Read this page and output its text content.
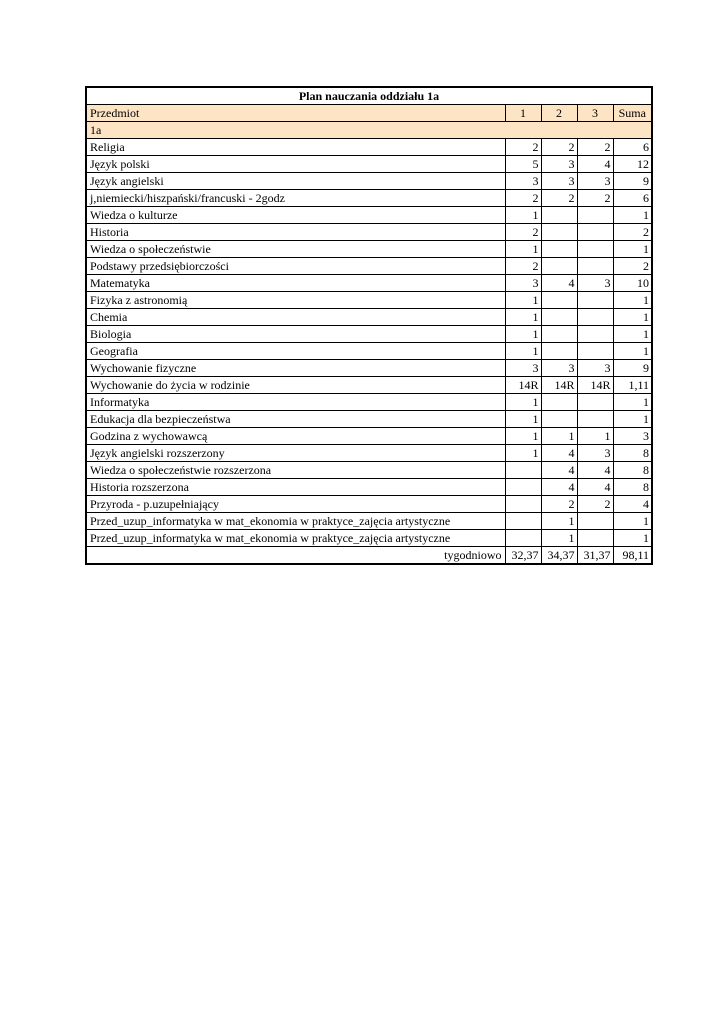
Plan nauczania oddziału 1a				
Przedmiot	1	2	3	Suma
1a				
Religia	2	2	2	6
Język polski	5	3	4	12
Język angielski	3	3	3	9
j,niemiecki/hiszpański/francuski - 2godz	2	2	2	6
Wiedza o kulturze	1			1
Historia	2			2
Wiedza o społeczeństwie	1			1
Podstawy przedsiębiorczości	2			2
Matematyka	3	4	3	10
Fizyka z astronomią	1			1
Chemia	1			1
Biologia	1			1
Geografia	1			1
Wychowanie fizyczne	3	3	3	9
Wychowanie do życia w rodzinie	14R	14R	14R	1,11
Informatyka	1			1
Edukacja dla bezpieczeństwa	1			1
Godzina z wychowawcą	1	1	1	3
Język angielski rozszerzony	1	4	3	8
Wiedza o społeczeństwie rozszerzona		4	4	8
Historia rozszerzona		4	4	8
Przyroda - p.uzupełniający		2	2	4
Przed_uzup_informatyka w mat_ekonomia w praktyce_zajęcia artystyczne		1		1
Przed_uzup_informatyka w mat_ekonomia w praktyce_zajęcia artystyczne		1		1
tygodniowo	32,37	34,37	31,37	98,11
